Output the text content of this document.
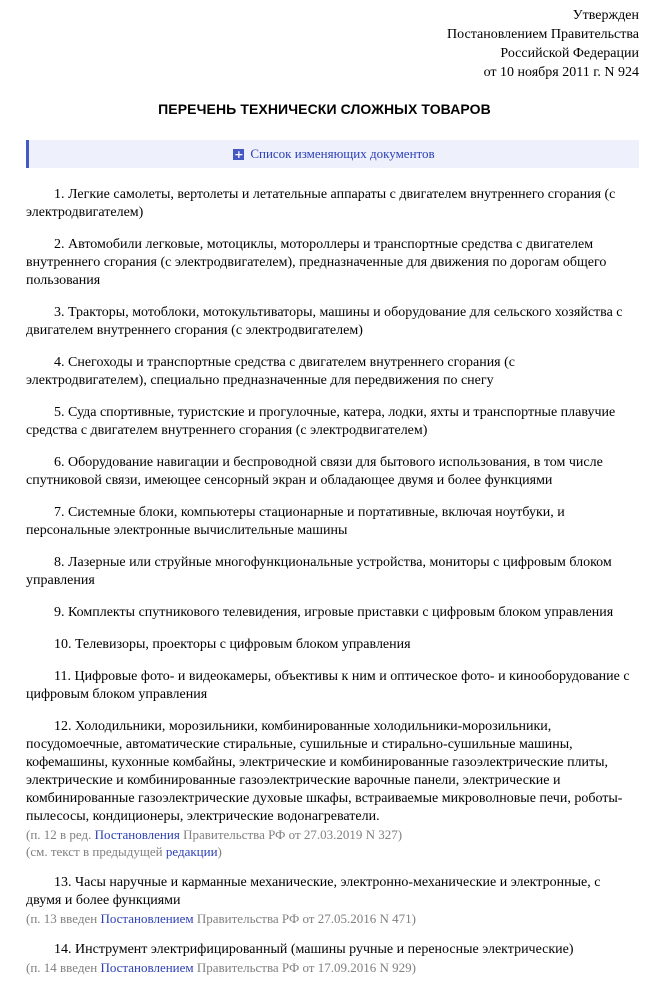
Утвержден
Постановлением Правительства
Российской Федерации
от 10 ноября 2011 г. N 924
ПЕРЕЧЕНЬ ТЕХНИЧЕСКИ СЛОЖНЫХ ТОВАРОВ
+ Список изменяющих документов

1. Легкие самолеты, вертолеты и летательные аппараты с двигателем внутреннего сгорания (с электродвигателем)

2. Автомобили легковые, мотоциклы, мотороллеры и транспортные средства с двигателем внутреннего сгорания (с электродвигателем), предназначенные для движения по дорогам общего пользования

3. Тракторы, мотоблоки, мотокультиваторы, машины и оборудование для сельского хозяйства с двигателем внутреннего сгорания (с электродвигателем)

4. Снегоходы и транспортные средства с двигателем внутреннего сгорания (с электродвигателем), специально предназначенные для передвижения по снегу

5. Суда спортивные, туристские и прогулочные, катера, лодки, яхты и транспортные плавучие средства с двигателем внутреннего сгорания (с электродвигателем)

6. Оборудование навигации и беспроводной связи для бытового использования, в том числе спутниковой связи, имеющее сенсорный экран и обладающее двумя и более функциями

7. Системные блоки, компьютеры стационарные и портативные, включая ноутбуки, и персональные электронные вычислительные машины

8. Лазерные или струйные многофункциональные устройства, мониторы с цифровым блоком управления

9. Комплекты спутникового телевидения, игровые приставки с цифровым блоком управления

10. Телевизоры, проекторы с цифровым блоком управления

11. Цифровые фото- и видеокамеры, объективы к ним и оптическое фото- и кинооборудование с цифровым блоком управления

12. Холодильники, морозильники, комбинированные холодильники-морозильники, посудомоечные, автоматические стиральные, сушильные и стирально-сушильные машины, кофемашины, кухонные комбайны, электрические и комбинированные газоэлектрические плиты, электрические и комбинированные газоэлектрические варочные панели, электрические и комбинированные газоэлектрические духовые шкафы, встраиваемые микроволновые печи, роботы-пылесосы, кондиционеры, электрические водонагреватели.

(п. 12 в ред. Постановления Правительства РФ от 27.03.2019 N 327)
(см. текст в предыдущей редакции)

13. Часы наручные и карманные механические, электронно-механические и электронные, с двумя и более функциями

(п. 13 введен Постановлением Правительства РФ от 27.05.2016 N 471)

14. Инструмент электрифицированный (машины ручные и переносные электрические)

(п. 14 введен Постановлением Правительства РФ от 17.09.2016 N 929)
